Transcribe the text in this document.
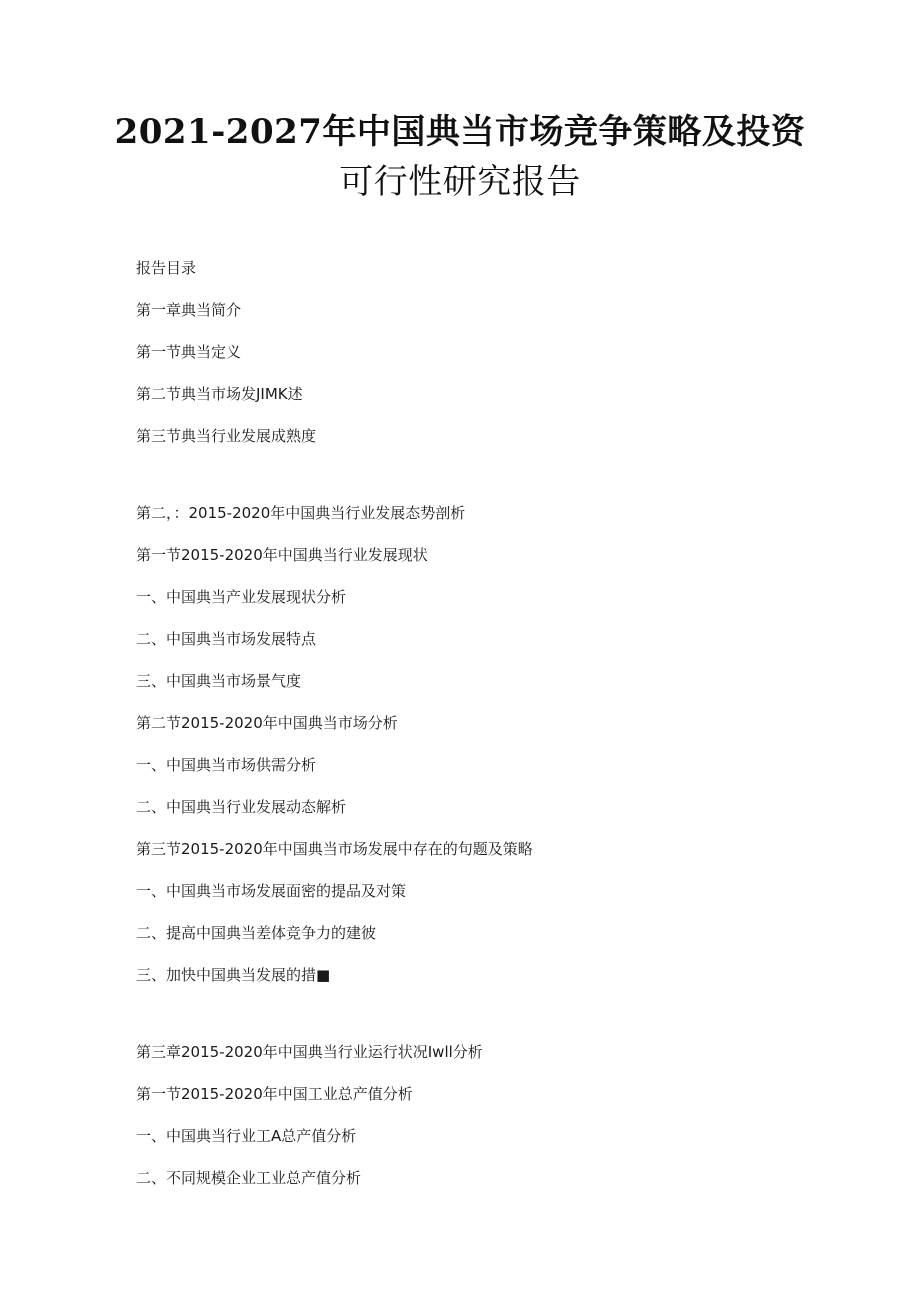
2021-2027年中国典当市场竞争策略及投资
可行性研究报告
报告目录
第一章典当简介
第一节典当定义
第二节典当市场发JIMK述
第三节典当行业发展成熟度
第二，：2015-2020年中国典当行业发展态势剖析
第一节2015-2020年中国典当行业发展现状
一、中国典当产业发展现状分析
二、中国典当市场发展特点
三、中国典当市场景气度
第二节2015-2020年中国典当市场分析
一、中国典当市场供需分析
二、中国典当行业发展动态解析
第三节2015-2020年中国典当市场发展中存在的句题及策略
一、中国典当市场发展面密的提品及对策
二、提高中国典当差体竞争力的建彼
三、加快中国典当发展的措■
第三章2015-2020年中国典当行业运行状况Iwll分析
第一节2015-2020年中国工业总产值分析
一、中国典当行业工A总产值分析
二、不同规模企业工业总产值分析
